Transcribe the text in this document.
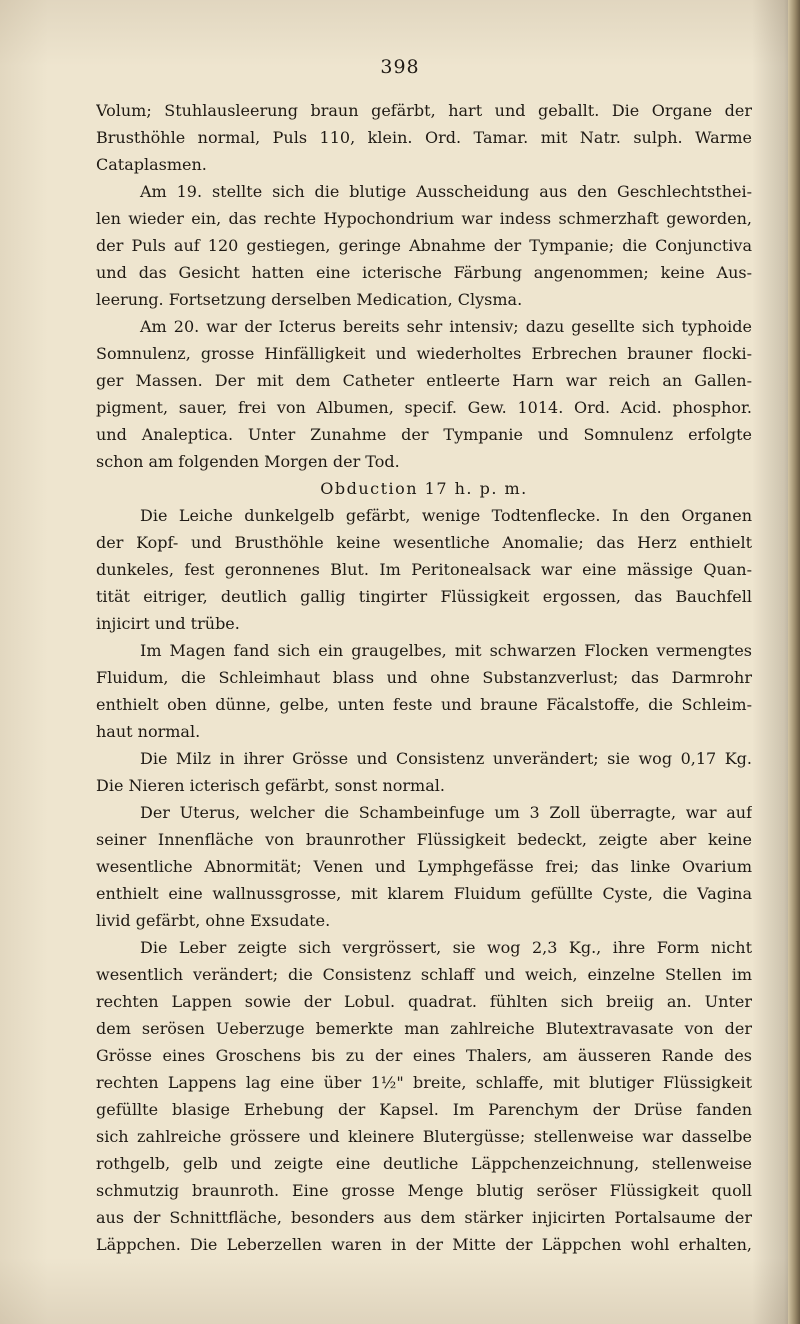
398
Volum; Stuhlausleerung braun gefärbt, hart und geballt. Die Organe der
Brusthöhle normal, Puls 110, klein. Ord. Tamar. mit Natr. sulph. Warme
Cataplasmen.
Am 19. stellte sich die blutige Ausscheidung aus den Geschlechtsthei-
len wieder ein, das rechte Hypochondrium war indess schmerzhaft geworden,
der Puls auf 120 gestiegen, geringe Abnahme der Tympanie; die Conjunctiva
und das Gesicht hatten eine icterische Färbung angenommen; keine Aus-
leerung. Fortsetzung derselben Medication, Clysma.
Am 20. war der Icterus bereits sehr intensiv; dazu gesellte sich typhoide
Somnulenz, grosse Hinfälligkeit und wiederholtes Erbrechen brauner flocki-
ger Massen. Der mit dem Catheter entleerte Harn war reich an Gallen-
pigment, sauer, frei von Albumen, specif. Gew. 1014. Ord. Acid. phosphor.
und Analeptica. Unter Zunahme der Tympanie und Somnulenz erfolgte
schon am folgenden Morgen der Tod.
Obduction 17 h. p. m.
Die Leiche dunkelgelb gefärbt, wenige Todtenflecke. In den Organen
der Kopf- und Brusthöhle keine wesentliche Anomalie; das Herz enthielt
dunkeles, fest geronnenes Blut. Im Peritonealsack war eine mässige Quan-
tität eitriger, deutlich gallig tingirter Flüssigkeit ergossen, das Bauchfell
injicirt und trübe.
Im Magen fand sich ein graugelbes, mit schwarzen Flocken vermengtes
Fluidum, die Schleimhaut blass und ohne Substanzverlust; das Darmrohr
enthielt oben dünne, gelbe, unten feste und braune Fäcalstoffe, die Schleim-
haut normal.
Die Milz in ihrer Grösse und Consistenz unverändert; sie wog 0,17 Kg.
Die Nieren icterisch gefärbt, sonst normal.
Der Uterus, welcher die Schambeinfuge um 3 Zoll überragte, war auf
seiner Innenfläche von braunrother Flüssigkeit bedeckt, zeigte aber keine
wesentliche Abnormität; Venen und Lymphgefässe frei; das linke Ovarium
enthielt eine wallnussgrosse, mit klarem Fluidum gefüllte Cyste, die Vagina
livid gefärbt, ohne Exsudate.
Die Leber zeigte sich vergrössert, sie wog 2,3 Kg., ihre Form nicht
wesentlich verändert; die Consistenz schlaff und weich, einzelne Stellen im
rechten Lappen sowie der Lobul. quadrat. fühlten sich breiig an. Unter
dem serösen Ueberzuge bemerkte man zahlreiche Blutextravasate von der
Grösse eines Groschens bis zu der eines Thalers, am äusseren Rande des
rechten Lappens lag eine über 1½" breite, schlaffe, mit blutiger Flüssigkeit
gefüllte blasige Erhebung der Kapsel. Im Parenchym der Drüse fanden
sich zahlreiche grössere und kleinere Blutergüsse; stellenweise war dasselbe
rothgelb, gelb und zeigte eine deutliche Läppchenzeichnung, stellenweise
schmutzig braunroth. Eine grosse Menge blutig seröser Flüssigkeit quoll
aus der Schnittfläche, besonders aus dem stärker injicirten Portalsaume der
Läppchen. Die Leberzellen waren in der Mitte der Läppchen wohl erhalten,
